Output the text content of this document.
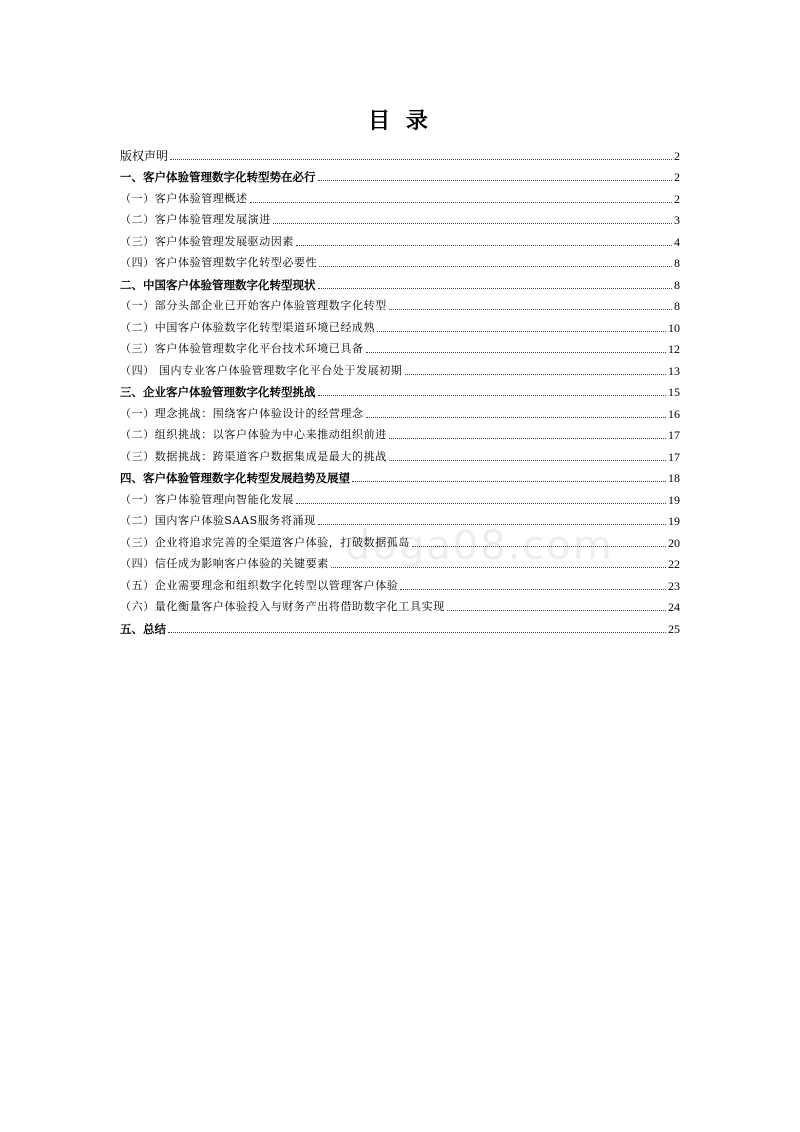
目 录
版权声明	2
一、客户体验管理数字化转型势在必行	2
（一）客户体验管理概述	2
（二）客户体验管理发展演进	3
（三）客户体验管理发展驱动因素	4
（四）客户体验管理数字化转型必要性	8
二、中国客户体验管理数字化转型现状	8
（一）部分头部企业已开始客户体验管理数字化转型	8
（二）中国客户体验数字化转型渠道环境已经成熟	10
（三）客户体验管理数字化平台技术环境已具备	12
（四） 国内专业客户体验管理数字化平台处于发展初期	13
三、企业客户体验管理数字化转型挑战	15
（一）理念挑战：围绕客户体验设计的经营理念	16
（二）组织挑战：以客户体验为中心来推动组织前进	17
（三）数据挑战：跨渠道客户数据集成是最大的挑战	17
四、客户体验管理数字化转型发展趋势及展望	18
（一）客户体验管理向智能化发展	19
（二）国内客户体验SAAS服务将涌现	19
（三）企业将追求完善的全渠道客户体验，打破数据孤岛	20
（四）信任成为影响客户体验的关键要素	22
（五）企业需要理念和组织数字化转型以管理客户体验	23
（六）量化衡量客户体验投入与财务产出将借助数字化工具实现	24
五、总结	25
doga08.com
